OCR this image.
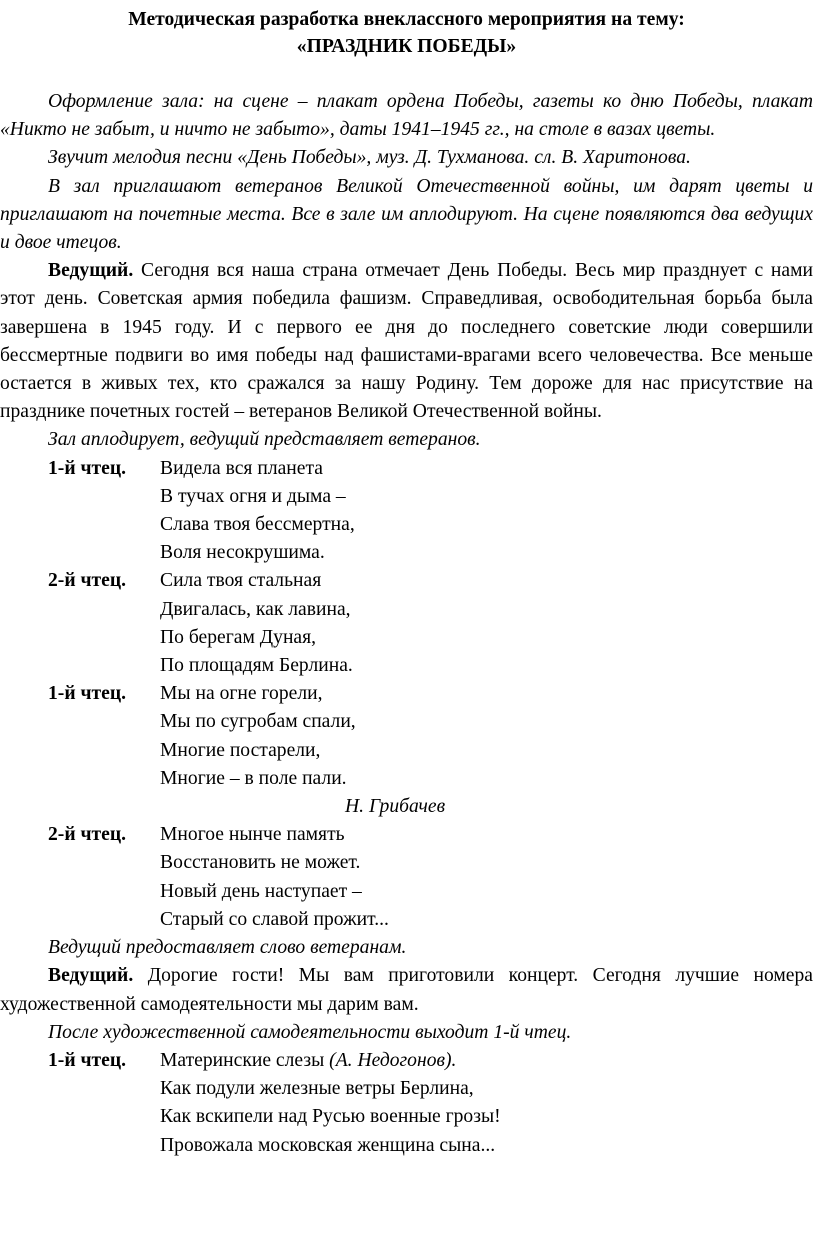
Методическая разработка внеклассного мероприятия на тему:

«ПРАЗДНИК ПОБЕДЫ»

Оформление зала: на сцене – плакат ордена Победы, газеты ко дню Победы, плакат «Никто не забыт, и ничто не забыто», даты 1941–1945 гг., на столе в вазах цветы.

Звучит мелодия песни «День Победы», муз. Д. Тухманова. сл. В. Харитонова.

В зал приглашают ветеранов Великой Отечественной войны, им дарят цветы и приглашают на почетные места. Все в зале им аплодируют. На сцене появляются два ведущих и двое чтецов.

Ведущий. Сегодня вся наша страна отмечает День Победы. Весь мир празднует с нами этот день. Советская армия победила фашизм. Справедливая, освободительная борьба была завершена в 1945 году. И с первого ее дня до последнего советские люди совершили бессмертные подвиги во имя победы над фашистами-врагами всего человечества. Все меньше остается в живых тех, кто сражался за нашу Родину. Тем дороже для нас присутствие на празднике почетных гостей – ветеранов Великой Отечественной войны.

Зал аплодирует, ведущий представляет ветеранов.

1-й чтец. Видела вся планета
В тучах огня и дыма –
Слава твоя бессмертна,
Воля несокрушима.
2-й чтец. Сила твоя стальная
Двигалась, как лавина,
По берегам Дуная,
По площадям Берлина.
1-й чтец. Мы на огне горели,
Мы по сугробам спали,
Многие постарели,
Многие – в поле пали.
Н. Грибачев
2-й чтец. Многое нынче память
Восстановить не может.
Новый день наступает –
Старый со славой прожит...

Ведущий предоставляет слово ветеранам.

Ведущий. Дорогие гости! Мы вам приготовили концерт. Сегодня лучшие номера художественной самодеятельности мы дарим вам.

После художественной самодеятельности выходит 1-й чтец.

1-й чтец. Материнские слезы (А. Недогонов).
Как подули железные ветры Берлина,
Как вскипели над Русью военные грозы!
Провожала московская женщина сына...
